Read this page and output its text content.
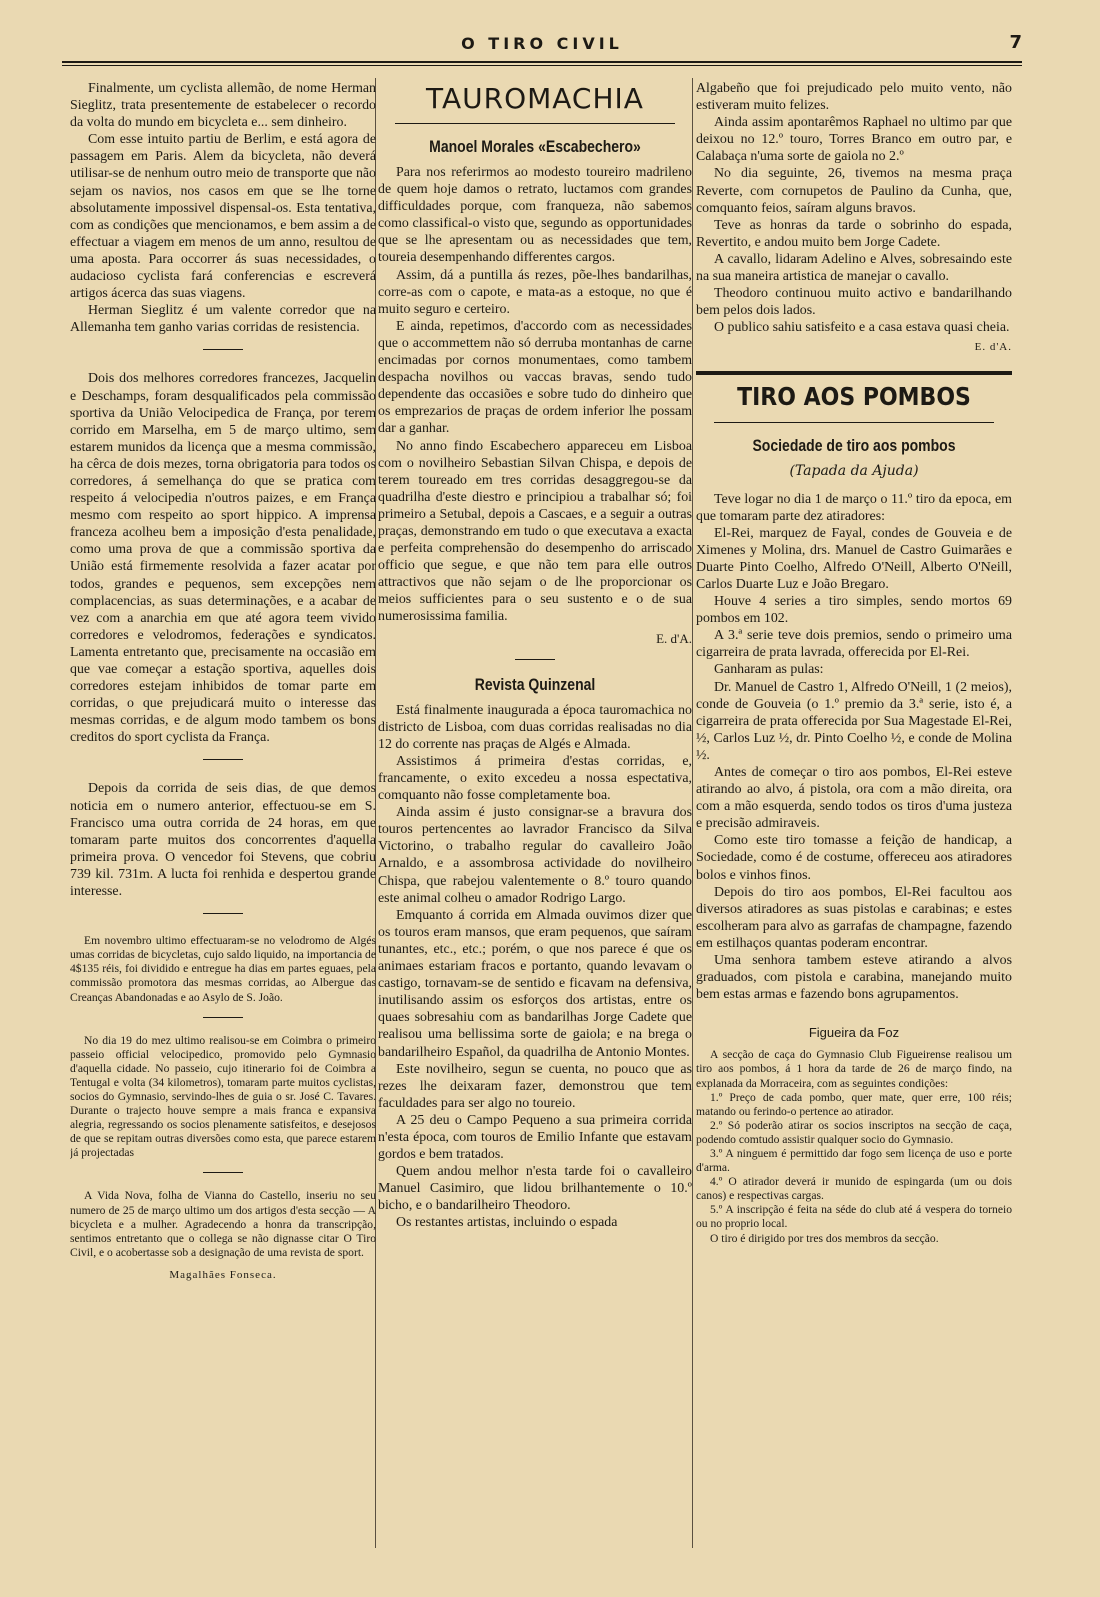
O TIRO CIVIL	7

Finalmente, um cyclista allemão, de nome Herman Sieglitz, trata presentemente de estabelecer o recordo da volta do mundo em bicycleta e... sem dinheiro.

Com esse intuito partiu de Berlim, e está agora de passagem em Paris. Alem da bicycleta, não deverá utilisar-se de nenhum outro meio de transporte que não sejam os navios, nos casos em que se lhe torne absolutamente impossivel dispensal-os. Esta tentativa, com as condições que mencionamos, e bem assim a de effectuar a viagem em menos de um anno, resultou de uma aposta. Para occorrer ás suas necessidades, o audacioso cyclista fará conferencias e escreverá artigos ácerca das suas viagens.

Herman Sieglitz é um valente corredor que na Allemanha tem ganho varias corridas de resistencia.

Dois dos melhores corredores francezes, Jacquelin e Deschamps, foram desqualificados pela commissão sportiva da União Velocipedica de França, por terem corrido em Marselha, em 5 de março ultimo, sem estarem munidos da licença que a mesma commissão, ha cêrca de dois mezes, torna obrigatoria para todos os corredores, á semelhança do que se pratica com respeito á velocipedia n'outros paizes, e em França mesmo com respeito ao sport hippico. A imprensa franceza acolheu bem a imposição d'esta penalidade, como uma prova de que a commissão sportiva da União está firmemente resolvida a fazer acatar por todos, grandes e pequenos, sem excepções nem complacencias, as suas determinações, e a acabar de vez com a anarchia em que até agora teem vivido corredores e velodromos, federações e syndicatos. Lamenta entretanto que, precisamente na occasião em que vae começar a estação sportiva, aquelles dois corredores estejam inhibidos de tomar parte em corridas, o que prejudicará muito o interesse das mesmas corridas, e de algum modo tambem os bons creditos do sport cyclista da França.

Depois da corrida de seis dias, de que demos noticia em o numero anterior, effectuou-se em S. Francisco uma outra corrida de 24 horas, em que tomaram parte muitos dos concorrentes d'aquella primeira prova. O vencedor foi Stevens, que cobriu 739 kil. 731m. A lucta foi renhida e despertou grande interesse.

Em novembro ultimo effectuaram-se no velodromo de Algés umas corridas de bicycletas, cujo saldo liquido, na importancia de 4$135 réis, foi dividido e entregue ha dias em partes eguaes, pela commissão promotora das mesmas corridas, ao Albergue das Creanças Abandonadas e ao Asylo de S. João.

No dia 19 do mez ultimo realisou-se em Coimbra o primeiro passeio official velocipedico, promovido pelo Gymnasio d'aquella cidade. No passeio, cujo itinerario foi de Coimbra a Tentugal e volta (34 kilometros), tomaram parte muitos cyclistas, socios do Gymnasio, servindo-lhes de guia o sr. José C. Tavares. Durante o trajecto houve sempre a mais franca e expansiva alegria, regressando os socios plenamente satisfeitos, e desejosos de que se repitam outras diversões como esta, que parece estarem já projectadas

A Vida Nova, folha de Vianna do Castello, inseriu no seu numero de 25 de março ultimo um dos artigos d'esta secção — A bicycleta e a mulher. Agradecendo a honra da transcripção, sentimos entretanto que o collega se não dignasse citar O Tiro Civil, e o acobertasse sob a designação de uma revista de sport.

Magalhães Fonseca.
TAUROMACHIA
Manoel Morales «Escabechero»

Para nos referirmos ao modesto toureiro madrileno de quem hoje damos o retrato, luctamos com grandes difficuldades porque, com franqueza, não sabemos como classifical-o visto que, segundo as opportunidades que se lhe apresentam ou as necessidades que tem, toureia desempenhando differentes cargos.

Assim, dá a puntilla ás rezes, põe-lhes bandarilhas, corre-as com o capote, e mata-as a estoque, no que é muito seguro e certeiro.

E ainda, repetimos, d'accordo com as necessidades que o accommettem não só derruba montanhas de carne encimadas por cornos monumentaes, como tambem despacha novilhos ou vaccas bravas, sendo tudo dependente das occasiões e sobre tudo do dinheiro que os emprezarios de praças de ordem inferior lhe possam dar a ganhar.

No anno findo Escabechero appareceu em Lisboa com o novilheiro Sebastian Silvan Chispa, e depois de terem toureado em tres corridas desaggregou-se da quadrilha d'este diestro e principiou a trabalhar só; foi primeiro a Setubal, depois a Cascaes, e a seguir a outras praças, demonstrando em tudo o que executava a exacta e perfeita comprehensão do desempenho do arriscado officio que segue, e que não tem para elle outros attractivos que não sejam o de lhe proporcionar os meios sufficientes para o seu sustento e o de sua numerosissima familia.

E. d'A.
Revista Quinzenal

Está finalmente inaugurada a época tauromachica no districto de Lisboa, com duas corridas realisadas no dia 12 do corrente nas praças de Algés e Almada.

Assistimos á primeira d'estas corridas, e, francamente, o exito excedeu a nossa espectativa, comquanto não fosse completamente boa.

Ainda assim é justo consignar-se a bravura dos touros pertencentes ao lavrador Francisco da Silva Victorino, o trabalho regular do cavalleiro João Arnaldo, e a assombrosa actividade do novilheiro Chispa, que rabejou valentemente o 8.º touro quando este animal colheu o amador Rodrigo Largo.

Emquanto á corrida em Almada ouvimos dizer que os touros eram mansos, que eram pequenos, que saíram tunantes, etc., etc.; porém, o que nos parece é que os animaes estariam fracos e portanto, quando levavam o castigo, tornavam-se de sentido e ficavam na defensiva, inutilisando assim os esforços dos artistas, entre os quaes sobresahiu com as bandarilhas Jorge Cadete que realisou uma bellissima sorte de gaiola; e na brega o bandarilheiro Español, da quadrilha de Antonio Montes.

Este novilheiro, segun se cuenta, no pouco que as rezes lhe deixaram fazer, demonstrou que tem faculdades para ser algo no toureio.

A 25 deu o Campo Pequeno a sua primeira corrida n'esta época, com touros de Emilio Infante que estavam gordos e bem tratados.

Quem andou melhor n'esta tarde foi o cavalleiro Manuel Casimiro, que lidou brilhantemente o 10.º bicho, e o bandarilheiro Theodoro.

Os restantes artistas, incluindo o espada

Algabeño que foi prejudicado pelo muito vento, não estiveram muito felizes.

Ainda assim apontarêmos Raphael no ultimo par que deixou no 12.º touro, Torres Branco em outro par, e Calabaça n'uma sorte de gaiola no 2.º

No dia seguinte, 26, tivemos na mesma praça Reverte, com cornupetos de Paulino da Cunha, que, comquanto feios, saíram alguns bravos.

Teve as honras da tarde o sobrinho do espada, Revertito, e andou muito bem Jorge Cadete.

A cavallo, lidaram Adelino e Alves, sobresaindo este na sua maneira artistica de manejar o cavallo.

Theodoro continuou muito activo e bandarilhando bem pelos dois lados.

O publico sahiu satisfeito e a casa estava quasi cheia.

E. d'A.
TIRO AOS POMBOS
Sociedade de tiro aos pombos
(Tapada da Ajuda)

Teve logar no dia 1 de março o 11.º tiro da epoca, em que tomaram parte dez atiradores:

El-Rei, marquez de Fayal, condes de Gouveia e de Ximenes y Molina, drs. Manuel de Castro Guimarães e Duarte Pinto Coelho, Alfredo O'Neill, Alberto O'Neill, Carlos Duarte Luz e João Bregaro.

Houve 4 series a tiro simples, sendo mortos 69 pombos em 102.

A 3.ª serie teve dois premios, sendo o primeiro uma cigarreira de prata lavrada, offerecida por El-Rei.

Ganharam as pulas:

Dr. Manuel de Castro 1, Alfredo O'Neill, 1 (2 meios), conde de Gouveia (o 1.º premio da 3.ª serie, isto é, a cigarreira de prata offerecida por Sua Magestade El-Rei, ½, Carlos Luz ½, dr. Pinto Coelho ½, e conde de Molina ½.

Antes de começar o tiro aos pombos, El-Rei esteve atirando ao alvo, á pistola, ora com a mão direita, ora com a mão esquerda, sendo todos os tiros d'uma justeza e precisão admiraveis.

Como este tiro tomasse a feição de handicap, a Sociedade, como é de costume, offereceu aos atiradores bolos e vinhos finos.

Depois do tiro aos pombos, El-Rei facultou aos diversos atiradores as suas pistolas e carabinas; e estes escolheram para alvo as garrafas de champagne, fazendo em estilhaços quantas poderam encontrar.

Uma senhora tambem esteve atirando a alvos graduados, com pistola e carabina, manejando muito bem estas armas e fazendo bons agrupamentos.

Figueira da Foz

A secção de caça do Gymnasio Club Figueirense realisou um tiro aos pombos, á 1 hora da tarde de 26 de março findo, na explanada da Morraceira, com as seguintes condições:

1.º Preço de cada pombo, quer mate, quer erre, 100 réis; matando ou ferindo-o pertence ao atirador.

2.º Só poderão atirar os socios inscriptos na secção de caça, podendo comtudo assistir qualquer socio do Gymnasio.

3.º A ninguem é permittido dar fogo sem licença de uso e porte d'arma.

4.º O atirador deverá ir munido de espingarda (um ou dois canos) e respectivas cargas.

5.º A inscripção é feita na séde do club até á vespera do torneio ou no proprio local.

O tiro é dirigido por tres dos membros da secção.
